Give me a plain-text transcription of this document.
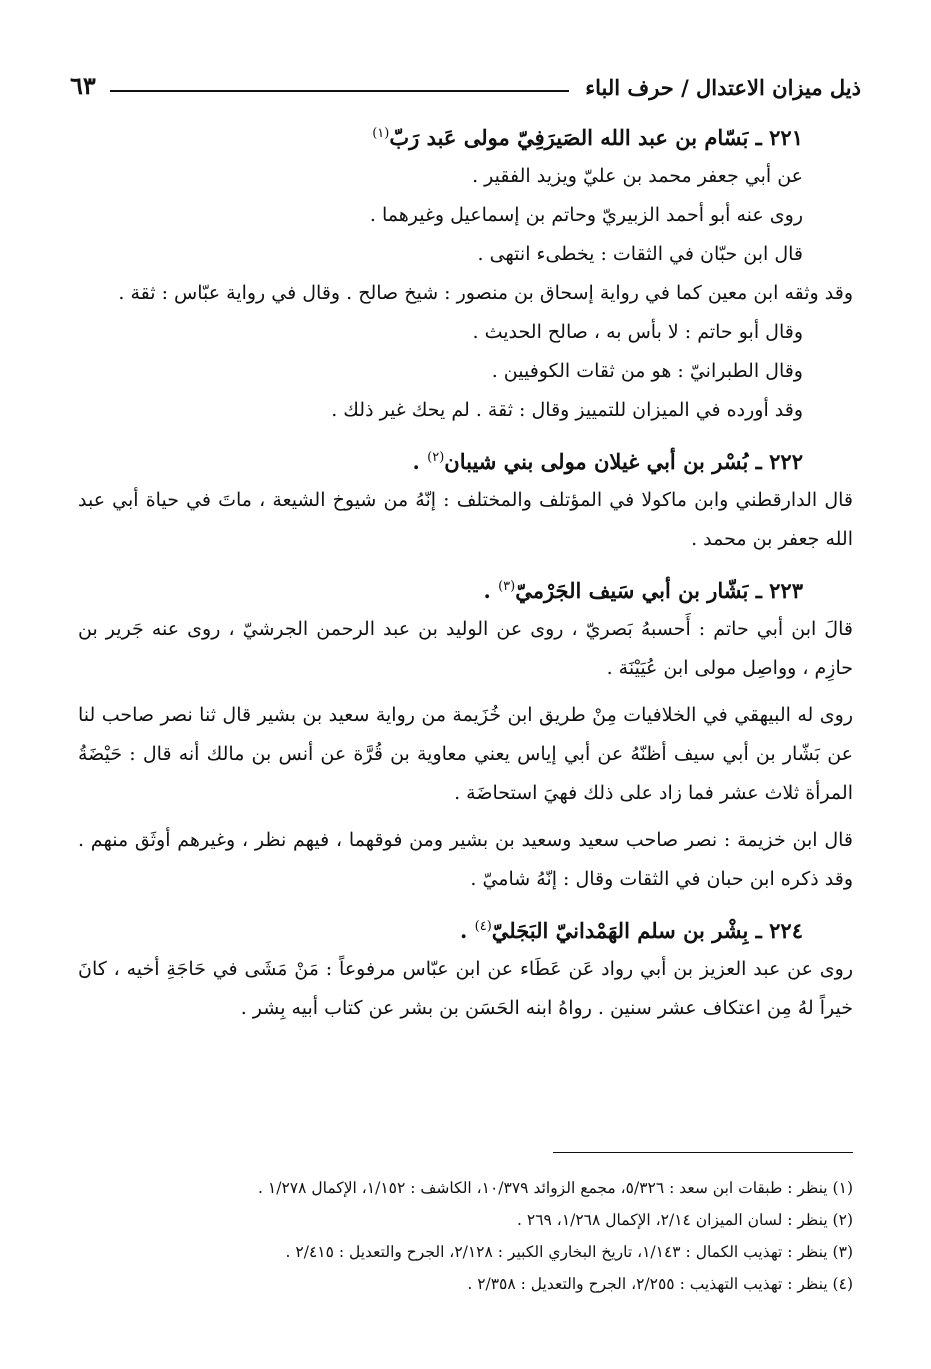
ذيل ميزان الاعتدال / حرف الباء
٦٣
٢٢١ ـ بَسّام بن عبد الله الصَيرَفِيّ مولى عَبد رَبّ$^{(١)}$
عن أبي جعفر محمد بن عليّ ويزيد الفقير .
روى عنه أبو أحمد الزبيريّ وحاتم بن إسماعيل وغيرهما .
قال ابن حبّان في الثقات : يخطىء انتهى .

وقد وثقه ابن معين كما في رواية إسحاق بن منصور : شيخ صالح . وقال في رواية عبّاس : ثقة .

وقال أبو حاتم : لا بأس به ، صالح الحديث .
وقال الطبرانيّ : هو من ثقات الكوفيين .
وقد أورده في الميزان للتمييز وقال : ثقة . لم يحك غير ذلك .
٢٢٢ ـ بُسْر بن أبي غيلان مولى بني شيبان$^{(٢)}$ .

قال الدارقطني وابن ماكولا في المؤتلف والمختلف : إنّهُ من شيوخ الشيعة ، ماتَ في حياة أبي عبد الله جعفر بن محمد .

٢٢٣ ـ بَشّار بن أبي سَيف الجَرْميّ$^{(٣)}$ .

قالَ ابن أبي حاتم : أَحسبهُ بَصريّ ، روى عن الوليد بن عبد الرحمن الجرشيّ ، روى عنه جَرير بن حازِم ، وواصِل مولى ابن عُيَيْنَة .

روى له البيهقي في الخلافيات مِنْ طريق ابن خُزَيمة من رواية سعيد بن بشير قال ثنا نصر صاحب لنا عن بَشّار بن أبي سيف أظنّهُ عن أبي إياس يعني معاوية بن قُرَّة عن أنس بن مالك أنه قال : حَيْضَةُ المرأة ثلاث عشر فما زاد على ذلك فهيَ استحاضَة .

قال ابن خزيمة : نصر صاحب سعيد وسعيد بن بشير ومن فوقهما ، فيهم نظر ، وغيرهم أوثَق منهم . وقد ذكره ابن حبان في الثقات وقال : إنّهُ شاميّ .

٢٢٤ ـ بِشْر بن سلم الهَمْدانيّ البَجَليّ$^{(٤)}$ .

روى عن عبد العزيز بن أبي رواد عَن عَطَاء عن ابن عبّاس مرفوعاً : مَنْ مَشَى في حَاجَةِ أخيه ، كانَ خيراً لهُ مِن اعتكاف عشر سنين . رواهُ ابنه الحَسَن بن بشر عن كتاب أبيه بِشر .

(١) ينظر : طبقات ابن سعد : ٥/٣٢٦، مجمع الزوائد ١٠/٣٧٩، الكاشف : ١/١٥٢، الإكمال ١/٢٧٨ .

(٢) ينظر : لسان الميزان ٢/١٤، الإكمال ١/٢٦٨، ٢٦٩ .

(٣) ينظر : تهذيب الكمال : ١/١٤٣، تاريخ البخاري الكبير : ٢/١٢٨، الجرح والتعديل : ٢/٤١٥ .

(٤) ينظر : تهذيب التهذيب : ٢/٢٥٥، الجرح والتعديل : ٢/٣٥٨ .
